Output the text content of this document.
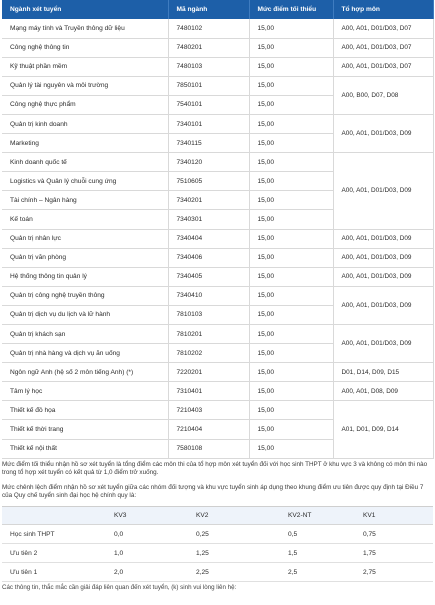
Ngành xét tuyển	Mã ngành	Mức điểm tối thiểu	Tổ hợp môn
Mạng máy tính và Truyền thông dữ liệu	7480102	15,00	A00, A01, D01/D03, D07
Công nghệ thông tin	7480201	15,00	A00, A01, D01/D03, D07
Kỹ thuật phần mềm	7480103	15,00	A00, A01, D01/D03, D07
Quản lý tài nguyên và môi trường	7850101	15,00	A00, B00, D07, D08
Công nghệ thực phẩm	7540101	15,00	
Quản trị kinh doanh	7340101	15,00	A00, A01, D01/D03, D09
Marketing	7340115	15,00	
Kinh doanh quốc tế	7340120	15,00	A00, A01, D01/D03, D09
Logistics và Quản lý chuỗi cung ứng	7510605	15,00	
Tài chính – Ngân hàng	7340201	15,00	
Kế toán	7340301	15,00	
Quản trị nhân lực	7340404	15,00	A00, A01, D01/D03, D09
Quản trị văn phòng	7340406	15,00	A00, A01, D01/D03, D09
Hệ thống thông tin quản lý	7340405	15,00	A00, A01, D01/D03, D09
Quản trị công nghệ truyền thông	7340410	15,00	A00, A01, D01/D03, D09
Quản trị dịch vụ du lịch và lữ hành	7810103	15,00	
Quản trị khách sạn	7810201	15,00	A00, A01, D01/D03, D09
Quản trị nhà hàng và dịch vụ ăn uống	7810202	15,00	
Ngôn ngữ Anh (hệ số 2 môn tiếng Anh) (*)	7220201	15,00	D01, D14, D09, D15
Tâm lý học	7310401	15,00	A00, A01, D08, D09
Thiết kế đồ họa	7210403	15,00	A01, D01, D09, D14
Thiết kế thời trang	7210404	15,00	
Thiết kế nội thất	7580108	15,00	

Mức điểm tối thiểu nhận hồ sơ xét tuyển là tổng điểm các môn thi của tổ hợp môn xét tuyển đối với học sinh THPT ở khu vực 3 và không có môn thi nào trong tổ hợp xét tuyển có kết quả từ 1,0 điểm trở xuống.

Mức chênh lệch điểm nhận hồ sơ xét tuyển giữa các nhóm đối tượng và khu vực tuyển sinh áp dụng theo khung điểm ưu tiên được quy định tại Điều 7 của Quy chế tuyển sinh đại học hệ chính quy là:

	KV3	KV2	KV2-NT	KV1
Học sinh THPT	0,0	0,25	0,5	0,75
Ưu tiên 2	1,0	1,25	1,5	1,75
Ưu tiên 1	2,0	2,25	2,5	2,75

Các thông tin, thắc mắc cần giải đáp liên quan đến xét tuyển, (k) sinh vui lòng liên hệ:
